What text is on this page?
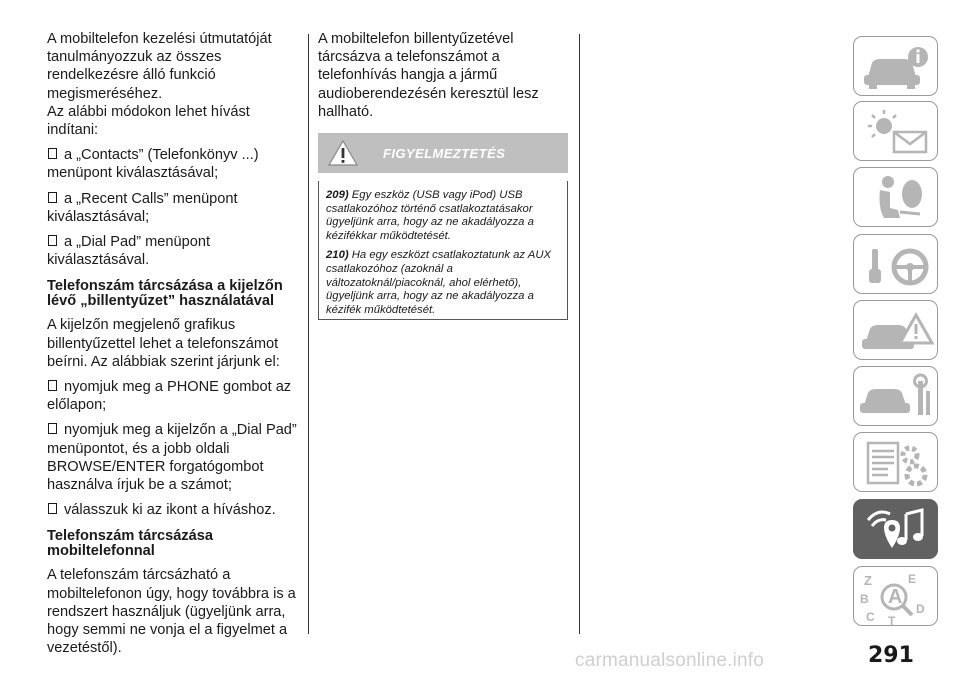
A mobiltelefon kezelési útmutatóját tanulmányozzuk az összes rendelkezésre álló funkció megismeréséhez.

Az alábbi módokon lehet hívást indítani:

a „Contacts” (Telefonkönyv ...) menüpont kiválasztásával;
a „Recent Calls” menüpont kiválasztásával;
a „Dial Pad” menüpont kiválasztásával.
Telefonszám tárcsázása a kijelzőn lévő „billentyűzet” használatával

A kijelzőn megjelenő grafikus billentyűzettel lehet a telefonszámot beírni. Az alábbiak szerint járjunk el:

nyomjuk meg a PHONE gombot az előlapon;
nyomjuk meg a kijelzőn a „Dial Pad” menüpontot, és a jobb oldali BROWSE/ENTER forgatógombot használva írjuk be a számot;
válasszuk ki az ikont a híváshoz.
Telefonszám tárcsázása mobiltelefonnal

A telefonszám tárcsázható a mobiltelefonon úgy, hogy továbbra is a rendszert használjuk (ügyeljünk arra, hogy semmi ne vonja el a figyelmet a vezetéstől).

A mobiltelefon billentyűzetével tárcsázva a telefonszámot a telefonhívás hangja a jármű audioberendezésén keresztül lesz hallható.

FIGYELMEZTETÉS
209) Egy eszköz (USB vagy iPod) USB csatlakozóhoz történő csatlakoztatásakor ügyeljünk arra, hogy az ne akadályozza a kézifékkar működtetését.
210) Ha egy eszközt csatlakoztatunk az AUX csatlakozóhoz (azoknál a változatoknál/piacoknál, ahol elérhető), ügyeljünk arra, hogy az ne akadályozza a kézifék működtetését.
Z	E
B A
C
D
T
carmanualsonline.info	291
